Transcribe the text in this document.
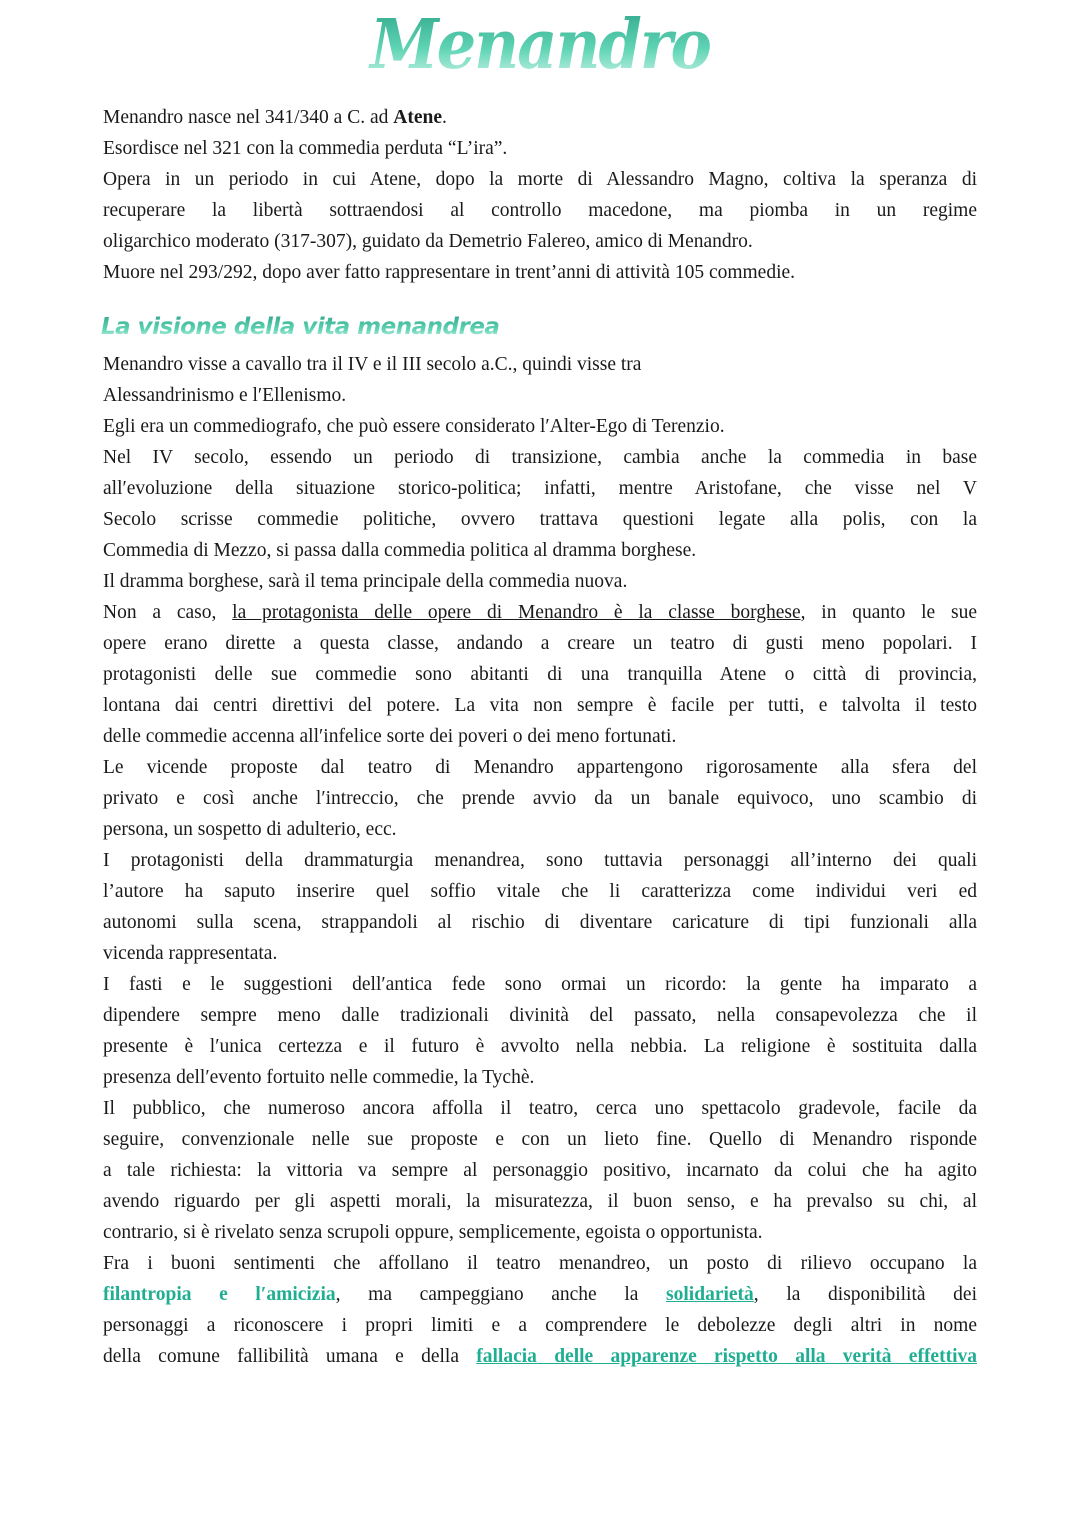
Menandro
Menandro nasce nel 341/340 a C. ad Atene.
Esordisce nel 321 con la commedia perduta “L’ira”.
Opera in un periodo in cui Atene, dopo la morte di Alessandro Magno, coltiva la speranza di
recuperare la libertà sottraendosi al controllo macedone, ma piomba in un regime
oligarchico moderato (317-307), guidato da Demetrio Falereo, amico di Menandro.
Muore nel 293/292, dopo aver fatto rappresentare in trent’anni di attività 105 commedie.
La visione della vita menandrea
Menandro visse a cavallo tra il IV e il III secolo a.C., quindi visse tra
Alessandrinismo e l′Ellenismo.
Egli era un commediografo, che può essere considerato l′Alter-Ego di Terenzio.
Nel IV secolo, essendo un periodo di transizione, cambia anche la commedia in base
all′evoluzione della situazione storico-politica; infatti, mentre Aristofane, che visse nel V
Secolo scrisse commedie politiche, ovvero trattava questioni legate alla polis, con la
Commedia di Mezzo, si passa dalla commedia politica al dramma borghese.
Il dramma borghese, sarà il tema principale della commedia nuova.
Non a caso, la protagonista delle opere di Menandro è la classe borghese, in quanto le sue
opere erano dirette a questa classe, andando a creare un teatro di gusti meno popolari. I
protagonisti delle sue commedie sono abitanti di una tranquilla Atene o città di provincia,
lontana dai centri direttivi del potere. La vita non sempre è facile per tutti, e talvolta il testo
delle commedie accenna all′infelice sorte dei poveri o dei meno fortunati.
Le vicende proposte dal teatro di Menandro appartengono rigorosamente alla sfera del
privato e così anche l′intreccio, che prende avvio da un banale equivoco, uno scambio di
persona, un sospetto di adulterio, ecc.
I protagonisti della drammaturgia menandrea, sono tuttavia personaggi all’interno dei quali
l’autore ha saputo inserire quel soffio vitale che li caratterizza come individui veri ed
autonomi sulla scena, strappandoli al rischio di diventare caricature di tipi funzionali alla
vicenda rappresentata.
I fasti e le suggestioni dell′antica fede sono ormai un ricordo: la gente ha imparato a
dipendere sempre meno dalle tradizionali divinità del passato, nella consapevolezza che il
presente è l′unica certezza e il futuro è avvolto nella nebbia. La religione è sostituita dalla
presenza dell′evento fortuito nelle commedie, la Tychè.
Il pubblico, che numeroso ancora affolla il teatro, cerca uno spettacolo gradevole, facile da
seguire, convenzionale nelle sue proposte e con un lieto fine. Quello di Menandro risponde
a tale richiesta: la vittoria va sempre al personaggio positivo, incarnato da colui che ha agito
avendo riguardo per gli aspetti morali, la misuratezza, il buon senso, e ha prevalso su chi, al
contrario, si è rivelato senza scrupoli oppure, semplicemente, egoista o opportunista.
Fra i buoni sentimenti che affollano il teatro menandreo, un posto di rilievo occupano la
filantropia e l′amicizia, ma campeggiano anche la solidarietà, la disponibilità dei
personaggi a riconoscere i propri limiti e a comprendere le debolezze degli altri in nome
della comune fallibilità umana e della fallacia delle apparenze rispetto alla verità effettiva
